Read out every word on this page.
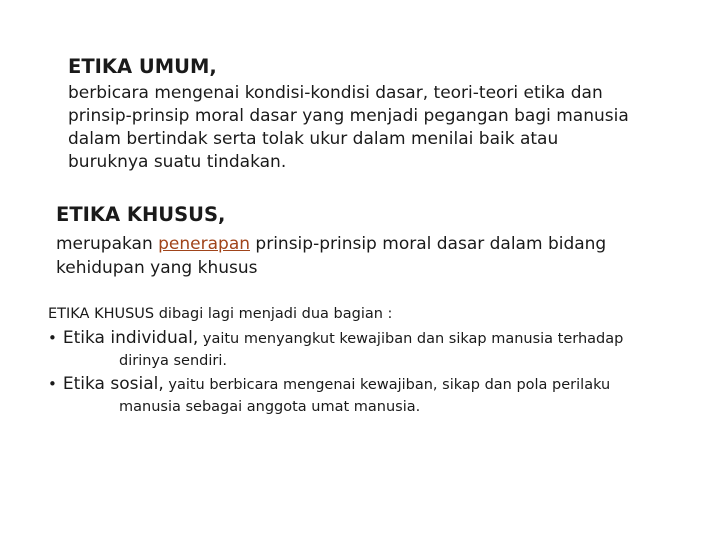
ETIKA UMUM,

berbicara mengenai kondisi-kondisi dasar, teori-teori etika dan
prinsip-prinsip moral dasar yang menjadi pegangan bagi manusia
dalam bertindak serta tolak ukur dalam menilai baik atau
buruknya suatu tindakan.

ETIKA KHUSUS,

merupakan penerapan prinsip-prinsip moral dasar dalam bidang
kehidupan yang khusus

ETIKA KHUSUS dibagi lagi menjadi dua bagian :

• Etika individual, yaitu menyangkut kewajiban dan sikap manusia terhadap
dirinya sendiri.
• Etika sosial, yaitu berbicara mengenai kewajiban, sikap dan pola perilaku
manusia sebagai anggota umat manusia.
